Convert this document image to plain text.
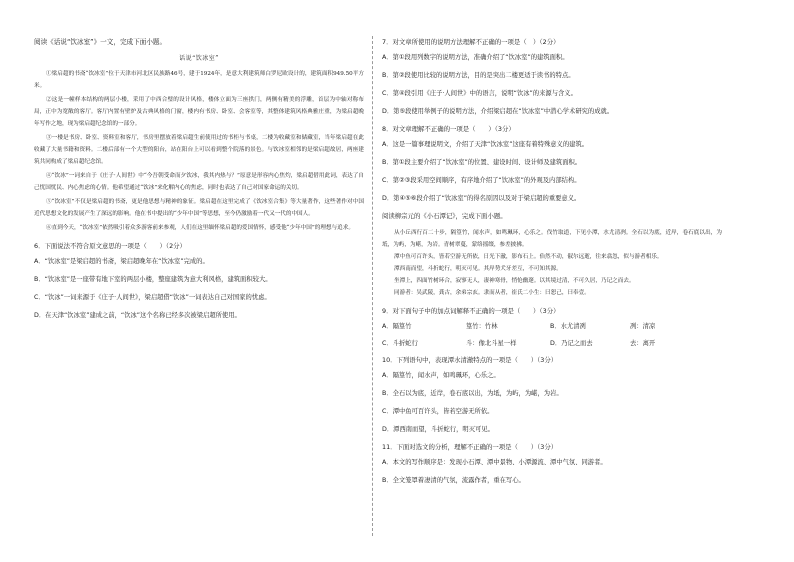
阅读《话说“饮冰室”》一文，完成下面小题。

话说“饮冰室”

①梁启超的书斋“饮冰室”位于天津市河北区民族路46号，建于1924年，是意大利建筑师白罗尼欧设计的，建筑面积949.50平方米。

②这是一幢样本结构的两层小楼，采用了中西合璧的设计风格，楼体立面为三座拱门，两侧有精美的浮雕，首层为中轴对称布局，正中为宽敞的客厅。客厅内置有壁炉及古典风格的门窗，楼内有书房、卧室、会客室等，其整体建筑风格典雅庄重，为梁启超晚年写作之地，现为梁启超纪念馆的一部分。

③一楼是书房、卧室、资料室和客厅，书房里摆放着梁启超生前使用过的书柜与书桌，二楼为收藏室和储藏室，当年梁启超在此收藏了大量书籍和资料。二楼后部有一个大型的阳台，站在阳台上可以看到整个院落的景色。与饮冰室相邻的是梁启超故居，两座建筑共同构成了梁启超纪念馆。

④“饮冰”一词来自于《庄子·人间世》中“今吾朝受命而夕饮冰，我其内热与？”原意是形容内心焦灼，梁启超借用此词，表达了自己忧国忧民、内心焦虑的心情。他希望通过“饮冰”来化解内心的焦虑，同时也表达了自己对国家命运的关切。

⑤“饮冰室”不仅是梁启超的书斋，更是他思想与精神的象征。梁启超在这里完成了《饮冰室合集》等大量著作，这些著作对中国近代思想文化的发展产生了深远的影响。他在书中提出的“少年中国”等思想，至今仍激励着一代又一代的中国人。

⑥直到今天，“饮冰室”依然吸引着众多游客前来参观，人们在这里缅怀梁启超的爱国情怀，感受他“少年中国”的理想与追求。

6．下面说法不符合原文意思的一项是（　　）（2分）

A．“饮冰室”是梁启超的书斋，梁启超晚年在“饮冰室”完成的。

B．“饮冰室”是一座带有地下室的两层小楼，整座建筑为意大利风格，建筑面积较大。

C．“饮冰”一词来源于《庄子·人间世》，梁启超借“饮冰”一词表达自己对国家的忧虑。

D．在天津“饮冰室”建成之前，“饮冰”这个名称已经多次被梁启超所使用。

7．对文章所使用的说明方法理解不正确的一项是（　）（2分）

A．第①段用列数字的说明方法，准确介绍了“饮冰室”的建筑面积。

B．第②段使用比较的说明方法，目的是突出二楼更适于读书的特点。

C．第④段引用《庄子·人间世》中的语言，说明“饮冰”的来源与含义。

D．第⑤段使用举例子的说明方法，介绍梁启超在“饮冰室”中潜心学术研究的成就。

8．对文章理解不正确的一项是（　　）（3分）

A．这是一篇事理说明文，介绍了天津“饮冰室”这座有着特殊意义的建筑。

B．第①段主要介绍了“饮冰室”的位置、建设时间、设计师及建筑面积。

C．第②③段采用空间顺序，有序地介绍了“饮冰室”的外观及内部结构。

D．第④⑤⑥段介绍了“饮冰室”的得名原因以及对于梁启超的重要意义。

阅读柳宗元的《小石潭记》，完成下面小题。

从小丘西行百二十步，隔篁竹，闻水声，如鸣珮环，心乐之。伐竹取道，下见小潭，水尤清冽。全石以为底，近岸，卷石底以出，为坻，为屿，为嵁，为岩。青树翠蔓，蒙络摇缀，参差披拂。

潭中鱼可百许头，皆若空游无所依，日光下澈，影布石上。佁然不动，俶尔远逝，往来翕忽，似与游者相乐。

潭西南而望，斗折蛇行，明灭可见。其岸势犬牙差互，不可知其源。

坐潭上，四面竹树环合，寂寥无人，凄神寒骨，悄怆幽邃。以其境过清，不可久居，乃记之而去。

同游者：吴武陵，龚古，余弟宗玄。隶而从者，崔氏二小生：曰恕己，曰奉壹。

9．对下面句子中的加点词解释不正确的一项是（　　）（3分）

A．隔篁竹	篁竹：竹林	B．水尤清冽	冽：清凉
C．斗折蛇行	斗：像北斗星一样	D．乃记之而去	去：离开

10．下列语句中，表现潭水清澈特点的一项是（　　）（3分）

A．隔篁竹，闻水声，如鸣珮环，心乐之。

B．全石以为底，近岸，卷石底以出，为坻，为屿，为嵁，为岩。

C．潭中鱼可百许头，皆若空游无所依。

D．潭西南而望，斗折蛇行，明灭可见。

11．下面对选文的分析，理解不正确的一项是（　　）（3分）

A．本文的写作顺序是：发现小石潭、潭中景物、小潭源流、潭中气氛、同游者。

B．全文笼罩着凄清的气氛，流露作者，重在写心。
